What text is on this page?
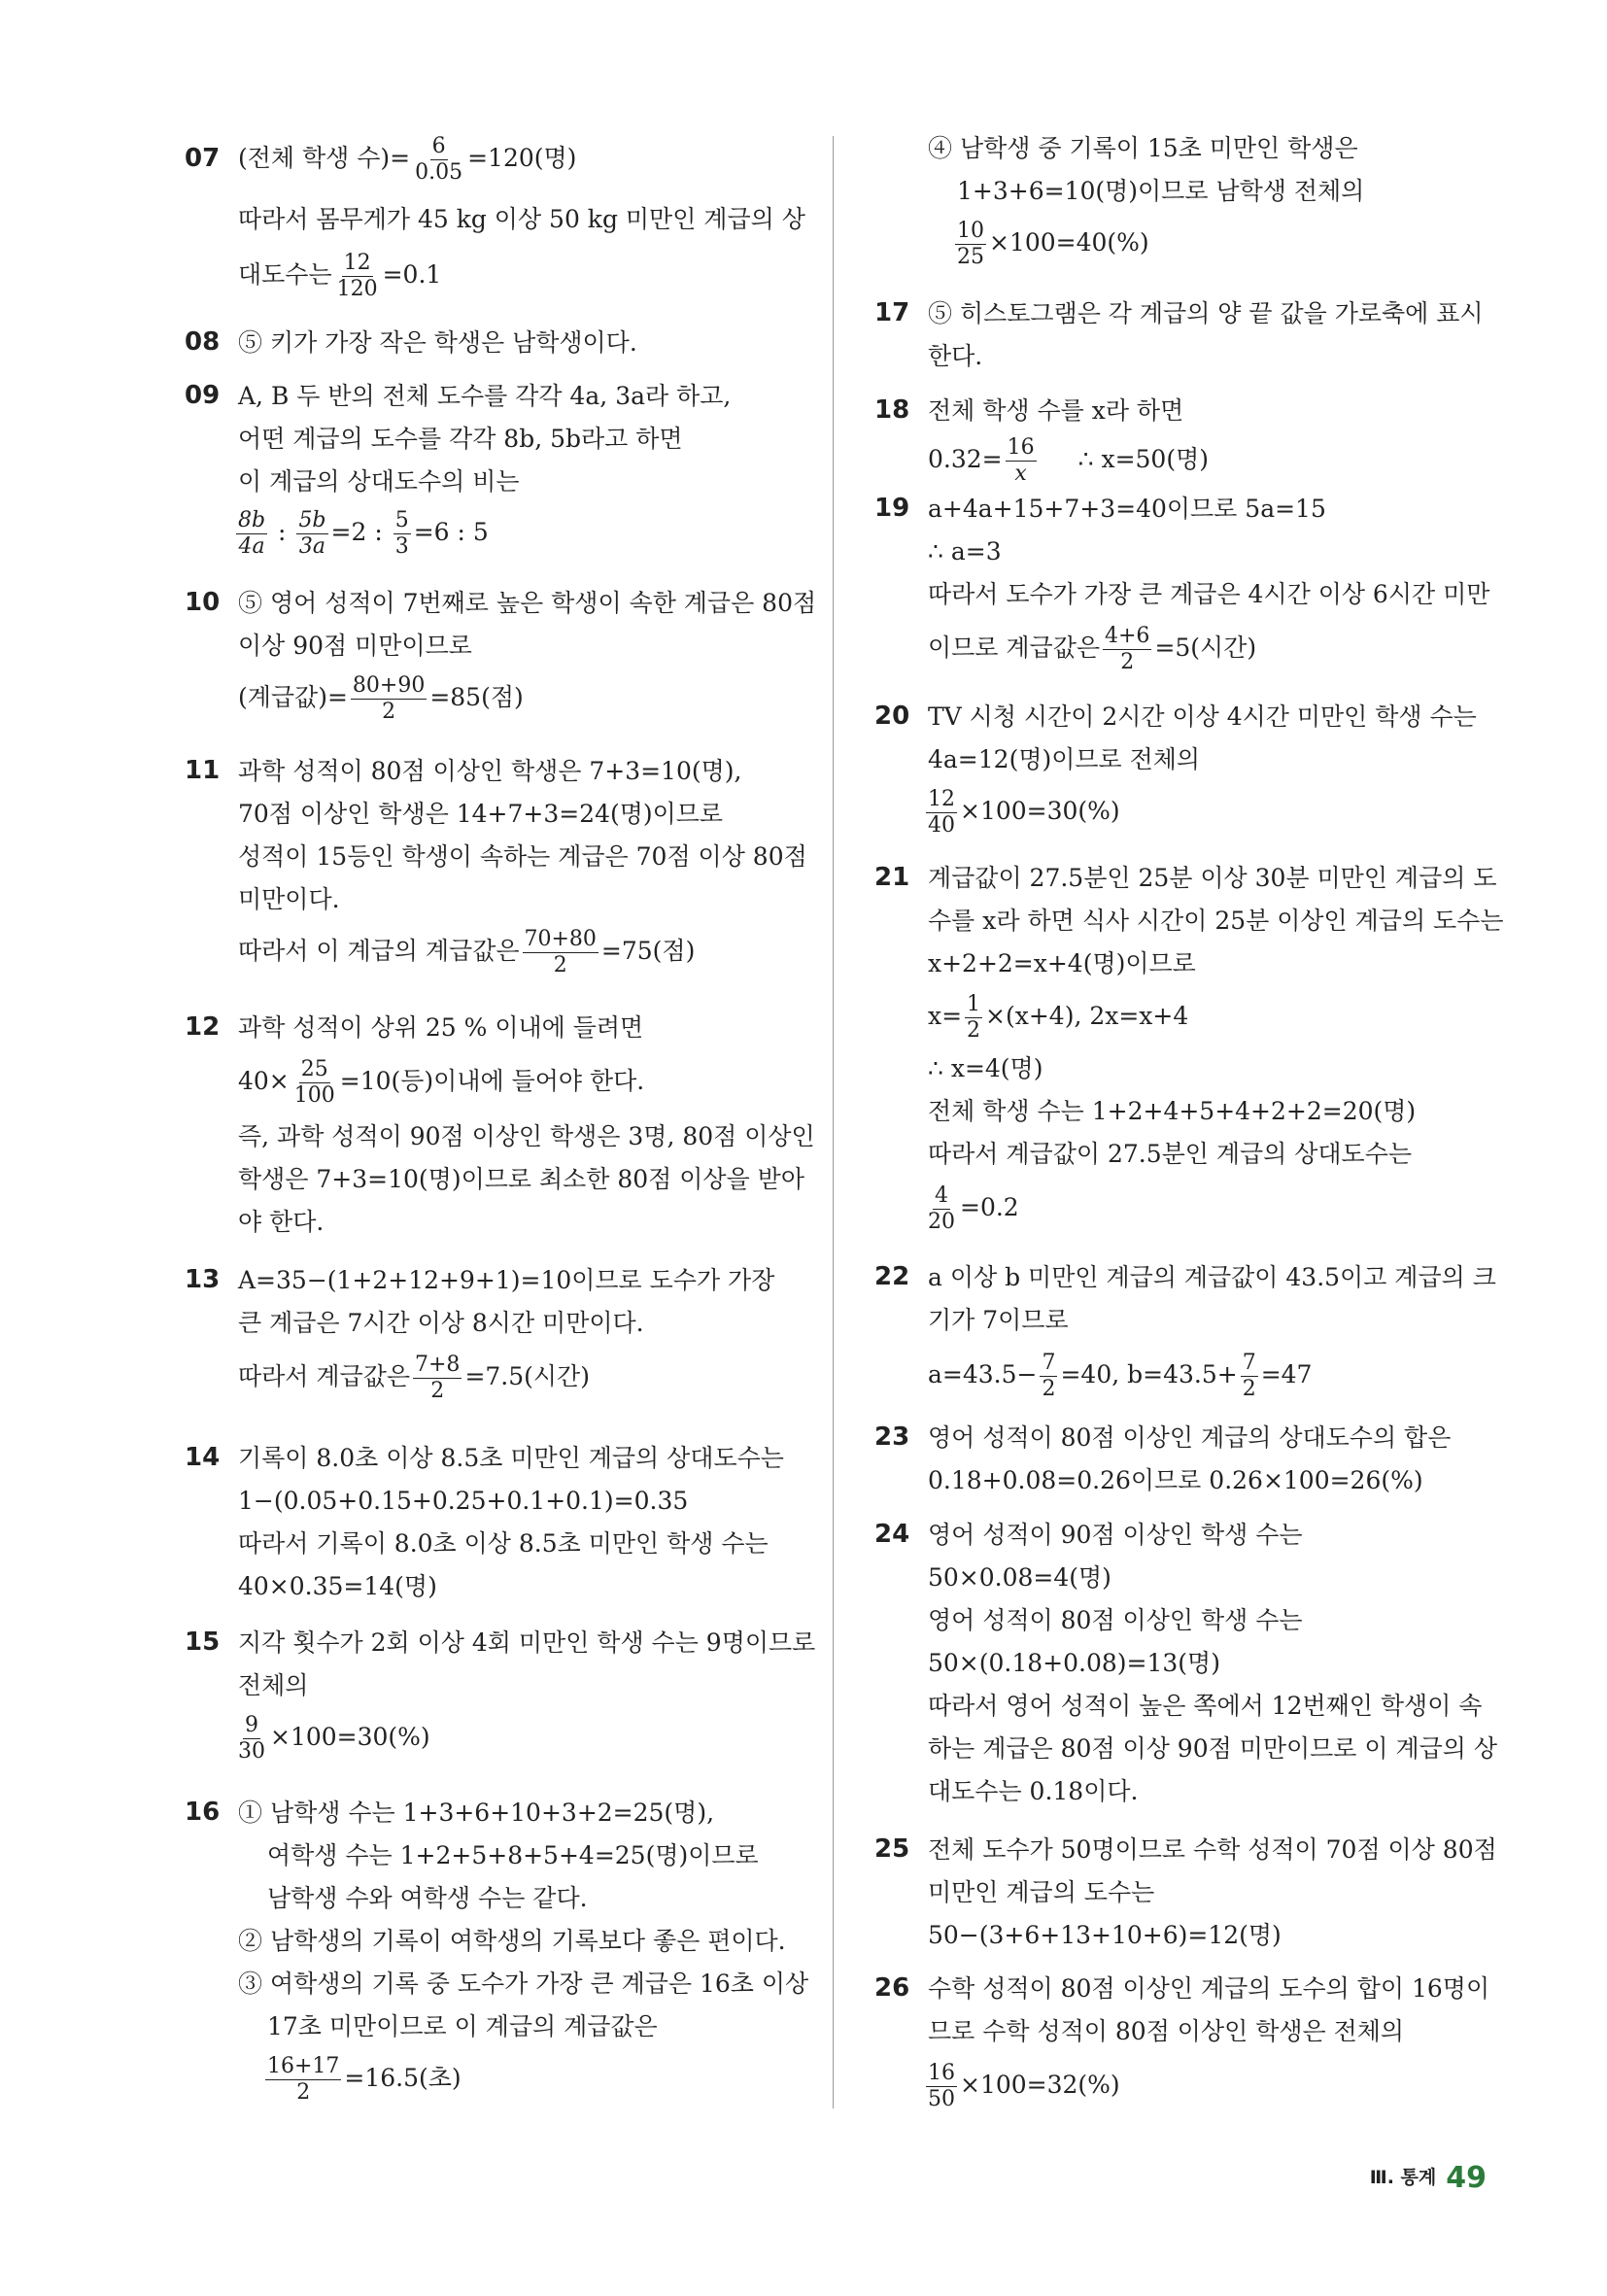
07 (전체 학생 수)= $\frac{6}{0.05} =120$(명)
따라서 몸무게가 45 kg 이상 50 kg 미만인 계급의 상
대도수는 $\frac{12}{120} =0.1$
08 ⑤ 키가 가장 작은 학생은 남학생이다.
09 A, B 두 반의 전체 도수를 각각 4a, 3a라 하고,
어떤 계급의 도수를 각각 8b, 5b라고 하면
이 계급의 상대도수의 비는
$\frac{8b}{4a}$ : $\frac{5b}{3a} =2$ : $\frac{5}{3} =6$ : 5
10 ⑤ 영어 성적이 7번째로 높은 학생이 속한 계급은 80점
이상 90점 미만이므로
(계급값)= $\frac{80+90}{2} =85$(점)
11 과학 성적이 80점 이상인 학생은 7+3=10(명),
70점 이상인 학생은 14+7+3=24(명)이므로
성적이 15등인 학생이 속하는 계급은 70점 이상 80점
미만이다.
따라서 이 계급의 계급값은 $\frac{70+80}{2} =75$(점)
12 과학 성적이 상위 25 % 이내에 들려면
$40\times \frac{25}{100} =10$(등)이내에 들어야 한다.
즉, 과학 성적이 90점 이상인 학생은 3명, 80점 이상인
학생은 7+3=10(명)이므로 최소한 80점 이상을 받아
야 한다.
13 A=35−(1+2+12+9+1)=10이므로 도수가 가장
큰 계급은 7시간 이상 8시간 미만이다.
따라서 계급값은 $\frac{7+8}{2} =7.5$(시간)
14 기록이 8.0초 이상 8.5초 미만인 계급의 상대도수는
1−(0.05+0.15+0.25+0.1+0.1)=0.35
따라서 기록이 8.0초 이상 8.5초 미만인 학생 수는
40×0.35=14(명)
15 지각 횟수가 2회 이상 4회 미만인 학생 수는 9명이므로
전체의
$\frac{9}{30} \times 100=30(\%)$
16 ① 남학생 수는 1+3+6+10+3+2=25(명),
여학생 수는 1+2+5+8+5+4=25(명)이므로
남학생 수와 여학생 수는 같다.
② 남학생의 기록이 여학생의 기록보다 좋은 편이다.
③ 여학생의 기록 중 도수가 가장 큰 계급은 16초 이상
17초 미만이므로 이 계급의 계급값은
$\frac{16+17}{2} =16.5$(초)
④ 남학생 중 기록이 15초 미만인 학생은
1+3+6=10(명)이므로 남학생 전체의
$\frac{10}{25} \times 100=40(\%)$
17 ⑤ 히스토그램은 각 계급의 양 끝 값을 가로축에 표시
한다.
18 전체 학생 수를 x라 하면
$0.32= \frac{16}{x}$ ∴ x=50(명)
19 a+4a+15+7+3=40이므로 5a=15
∴ a=3
따라서 도수가 가장 큰 계급은 4시간 이상 6시간 미만
이므로 계급값은 $\frac{4+6}{2} =5$(시간)
20 TV 시청 시간이 2시간 이상 4시간 미만인 학생 수는
4a=12(명)이므로 전체의
$\frac{12}{40} \times 100=30(\%)$
21 계급값이 27.5분인 25분 이상 30분 미만인 계급의 도
수를 x라 하면 식사 시간이 25분 이상인 계급의 도수는
x+2+2=x+4(명)이므로
$x= \frac{1}{2} \times(x+4)$, 2x=x+4
∴ x=4(명)
전체 학생 수는 1+2+4+5+4+2+2=20(명)
따라서 계급값이 27.5분인 계급의 상대도수는
$\frac{4}{20} =0.2$
22 a 이상 b 미만인 계급의 계급값이 43.5이고 계급의 크
기가 7이므로
$a=43.5- \frac{7}{2} =40$, $b=43.5+ \frac{7}{2} =47$
23 영어 성적이 80점 이상인 계급의 상대도수의 합은
0.18+0.08=0.26이므로 0.26×100=26(%)
24 영어 성적이 90점 이상인 학생 수는
50×0.08=4(명)
영어 성적이 80점 이상인 학생 수는
50×(0.18+0.08)=13(명)
따라서 영어 성적이 높은 쪽에서 12번째인 학생이 속
하는 계급은 80점 이상 90점 미만이므로 이 계급의 상
대도수는 0.18이다.
25 전체 도수가 50명이므로 수학 성적이 70점 이상 80점
미만인 계급의 도수는
50−(3+6+13+10+6)=12(명)
26 수학 성적이 80점 이상인 계급의 도수의 합이 16명이
므로 수학 성적이 80점 이상인 학생은 전체의
$\frac{16}{50} \times 100=32(\%)$
Ⅲ. 통계 49
